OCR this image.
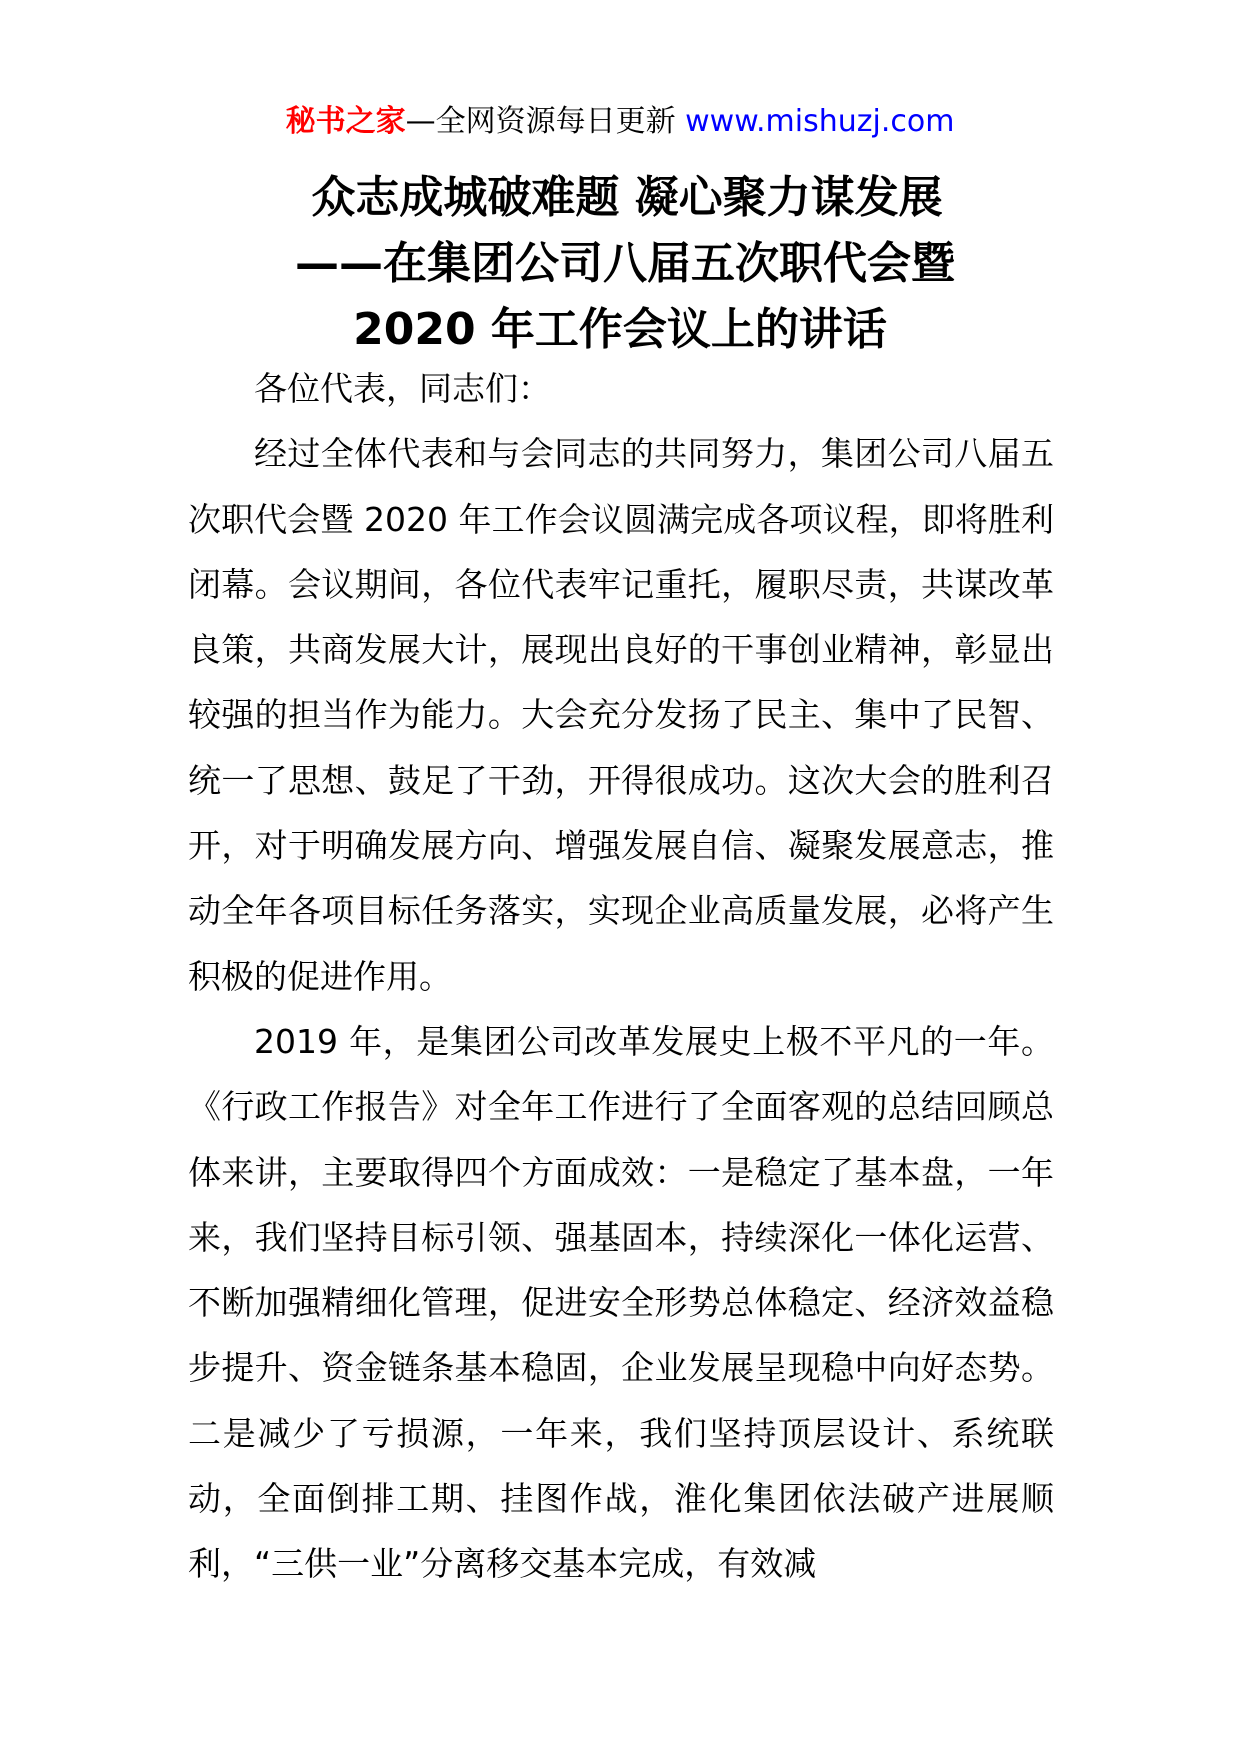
秘书之家—全网资源每日更新 www.mishuzj.com
众志成城破难题 凝心聚力谋发展
——在集团公司八届五次职代会暨
2020 年工作会议上的讲话

各位代表，同志们：

经过全体代表和与会同志的共同努力，集团公司八届五次职代会暨 2020 年工作会议圆满完成各项议程，即将胜利闭幕。会议期间，各位代表牢记重托，履职尽责，共谋改革良策，共商发展大计，展现出良好的干事创业精神，彰显出较强的担当作为能力。大会充分发扬了民主、集中了民智、统一了思想、鼓足了干劲，开得很成功。这次大会的胜利召开，对于明确发展方向、增强发展自信、凝聚发展意志，推动全年各项目标任务落实，实现企业高质量发展，必将产生积极的促进作用。

2019 年，是集团公司改革发展史上极不平凡的一年。《行政工作报告》对全年工作进行了全面客观的总结回顾总体来讲，主要取得四个方面成效：一是稳定了基本盘，一年来，我们坚持目标引领、强基固本，持续深化一体化运营、不断加强精细化管理，促进安全形势总体稳定、经济效益稳步提升、资金链条基本稳固，企业发展呈现稳中向好态势。二是减少了亏损源，一年来，我们坚持顶层设计、系统联动，全面倒排工期、挂图作战，淮化集团依法破产进展顺利，“三供一业”分离移交基本完成，有效减
